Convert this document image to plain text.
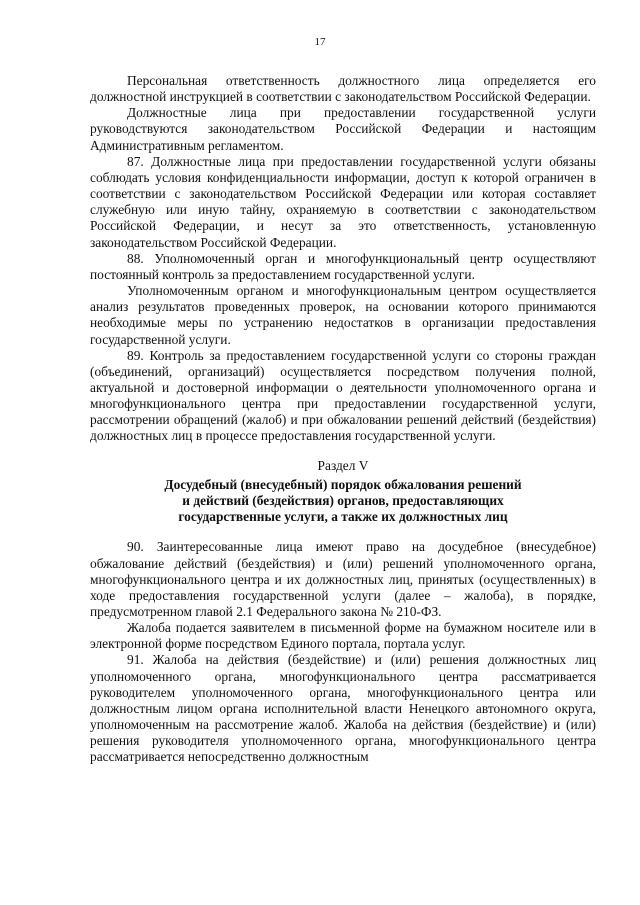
17

Персональная ответственность должностного лица определяется его должностной инструкцией в соответствии с законодательством Российской Федерации.

Должностные лица при предоставлении государственной услуги руководствуются законодательством Российской Федерации и настоящим Административным регламентом.

87. Должностные лица при предоставлении государственной услуги обязаны соблюдать условия конфиденциальности информации, доступ к которой ограничен в соответствии с законодательством Российской Федерации или которая составляет служебную или иную тайну, охраняемую в соответствии с законодательством Российской Федерации, и несут за это ответственность, установленную законодательством Российской Федерации.

88. Уполномоченный орган и многофункциональный центр осуществляют постоянный контроль за предоставлением государственной услуги.

Уполномоченным органом и многофункциональным центром осуществляется анализ результатов проведенных проверок, на основании которого принимаются необходимые меры по устранению недостатков в организации предоставления государственной услуги.

89. Контроль за предоставлением государственной услуги со стороны граждан (объединений, организаций) осуществляется посредством получения полной, актуальной и достоверной информации о деятельности уполномоченного органа и многофункционального центра при предоставлении государственной услуги, рассмотрении обращений (жалоб) и при обжаловании решений действий (бездействия) должностных лиц в процессе предоставления государственной услуги.

Раздел V

Досудебный (внесудебный) порядок обжалования решений
и действий (бездействия) органов, предоставляющих
государственные услуги, а также их должностных лиц

90. Заинтересованные лица имеют право на досудебное (внесудебное) обжалование действий (бездействия) и (или) решений уполномоченного органа, многофункционального центра и их должностных лиц, принятых (осуществленных) в ходе предоставления государственной услуги (далее – жалоба), в порядке, предусмотренном главой 2.1 Федерального закона № 210-ФЗ.

Жалоба подается заявителем в письменной форме на бумажном носителе или в электронной форме посредством Единого портала, портала услуг.

91. Жалоба на действия (бездействие) и (или) решения должностных лиц уполномоченного органа, многофункционального центра рассматривается руководителем уполномоченного органа, многофункционального центра или должностным лицом органа исполнительной власти Ненецкого автономного округа, уполномоченным на рассмотрение жалоб. Жалоба на действия (бездействие) и (или) решения руководителя уполномоченного органа, многофункционального центра рассматривается непосредственно должностным
